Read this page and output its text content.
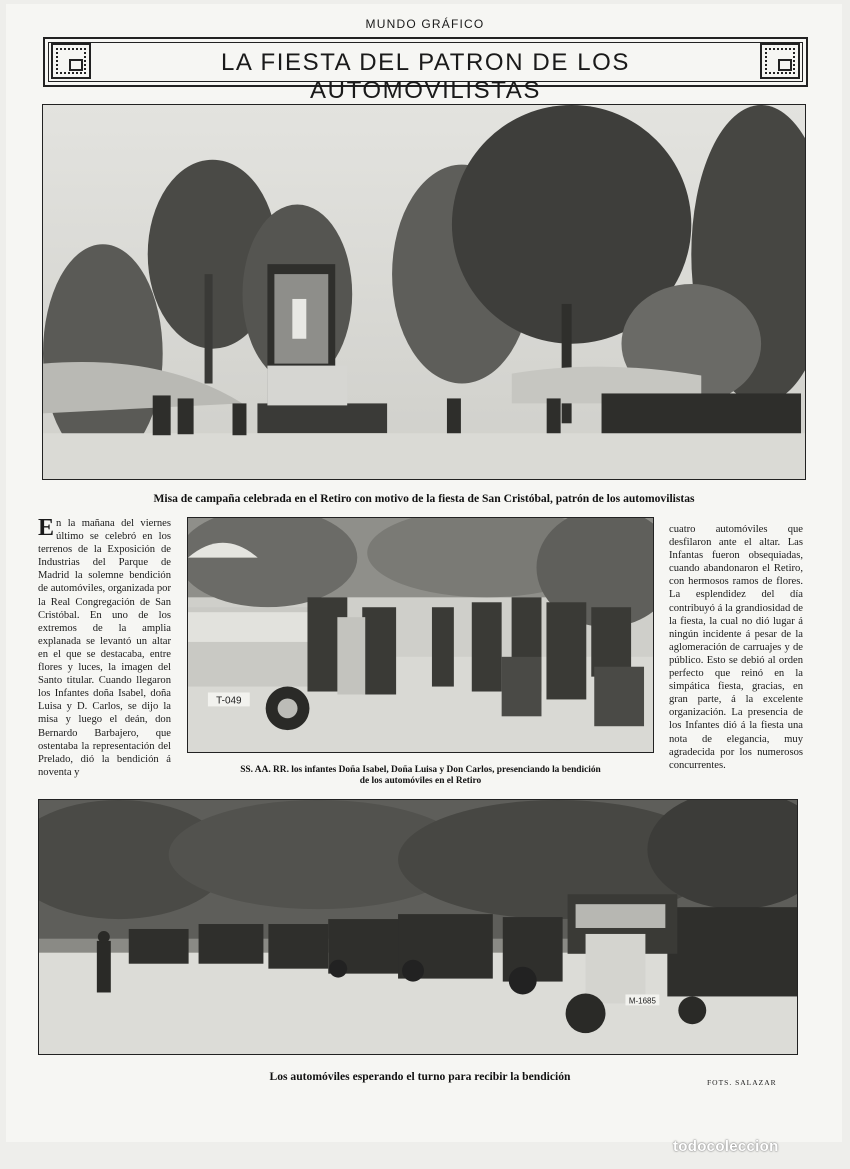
MUNDO GRÁFICO
LA FIESTA DEL PATRON DE LOS AUTOMOVILISTAS
Misa de campaña celebrada en el Retiro con motivo de la fiesta de San Cristóbal, patrón de los automovilistas
En la mañana del viernes último se celebró en los terrenos de la Exposición de Industrias del Parque de Madrid la solemne bendición de automóviles, organizada por la Real Congregación de San Cristóbal. En uno de los extremos de la amplia explanada se levantó un altar en el que se destacaba, entre flores y luces, la imagen del Santo titular. Cuando llegaron los Infantes doña Isabel, doña Luisa y D. Carlos, se dijo la misa y luego el deán, don Bernardo Barbajero, que ostentaba la representación del Prelado, dió la bendición á noventa y
T-049
SS. AA. RR. los infantes Doña Isabel, Doña Luisa y Don Carlos, presenciando la bendición
de los automóviles en el Retiro
cuatro automóviles que desfilaron ante el altar. Las Infantas fueron obsequiadas, cuando abandonaron el Retiro, con hermosos ramos de flores. La esplendidez del día contribuyó á la grandiosidad de la fiesta, la cual no dió lugar á ningún incidente á pesar de la aglomeración de carruajes y de público. Esto se debió al orden perfecto que reinó en la simpática fiesta, gracias, en gran parte, á la excelente organización. La presencia de los Infantes dió á la fiesta una nota de elegancia, muy agradecida por los numerosos concurrentes.
M-1685
Los automóviles esperando el turno para recibir la bendición	FOTS. SALAZAR
todocoleccion
